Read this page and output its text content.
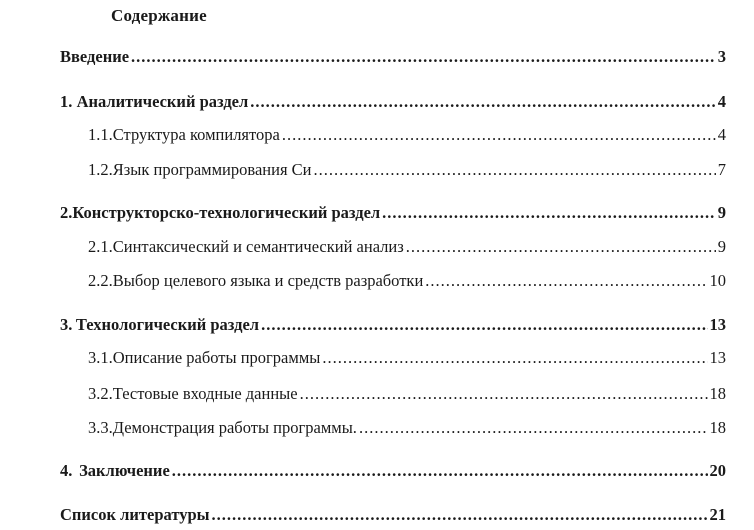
Содержание
Введение .....	3
1. Аналитический раздел .....	4
1.1. Структура компилятора .....	4
1.2. Язык программирования Си .....	7
2. Конструкторско-технологический раздел .....	9
2.1. Синтаксический и семантический анализ .....	9
2.2. Выбор целевого языка и средств разработки .....	10
3. Технологический раздел .....	13
3.1. Описание работы программы .....	13
3.2. Тестовые входные данные .....	18
3.3. Демонстрация работы программы. .....	18
4. Заключение .....	20
Список литературы .....	21
